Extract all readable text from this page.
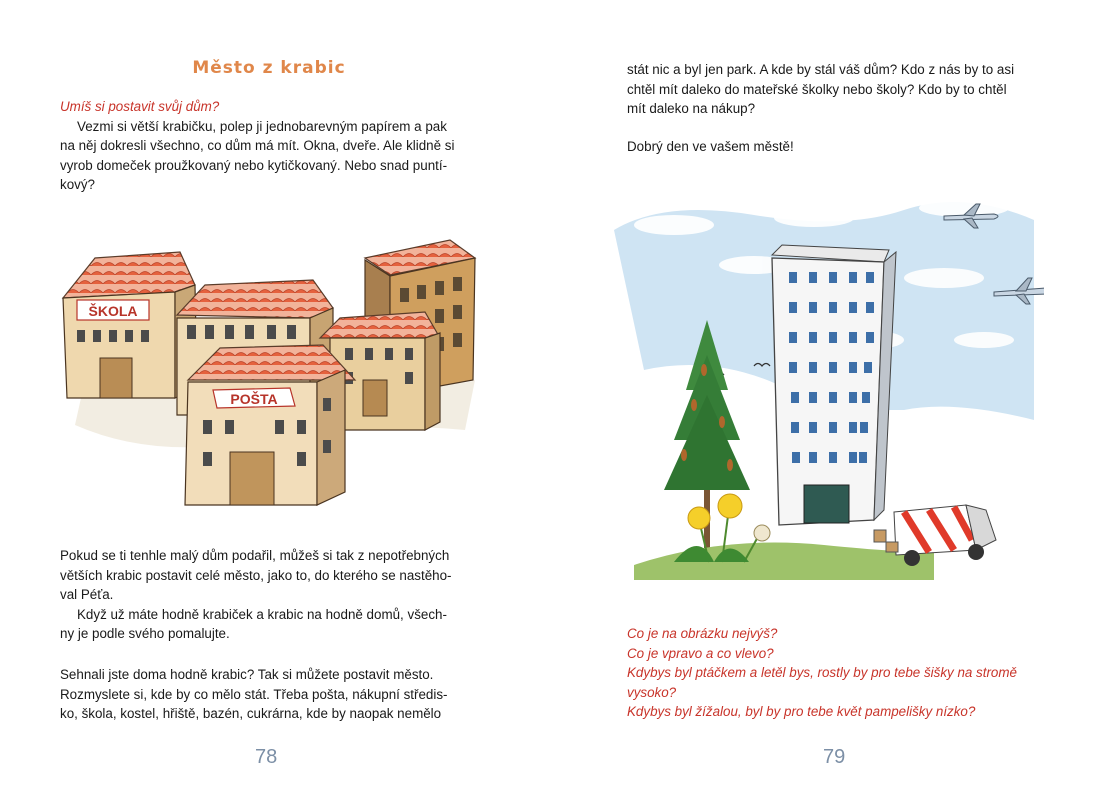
Město z krabic

Umíš si postavit svůj dům?

Vezmi si větší krabičku, polep ji jednobarevným papírem a pak

na něj dokresli všechno, co dům má mít. Okna, dveře. Ale klidně si

vyrob domeček proužkovaný nebo kytičkovaný. Nebo snad puntí-

kový?

ŠKOLA
POŠTA

Pokud se ti tenhle malý dům podařil, můžeš si tak z nepotřebných

větších krabic postavit celé město, jako to, do kterého se nastěho-

val Péťa.

Když už máte hodně krabiček a krabic na hodně domů, všech-

ny je podle svého pomalujte.

Sehnali jste doma hodně krabic? Tak si můžete postavit město.

Rozmyslete si, kde by co mělo stát. Třeba pošta, nákupní středis-

ko, škola, kostel, hřiště, bazén, cukrárna, kde by naopak nemělo

78

stát nic a byl jen park. A kde by stál váš dům? Kdo z nás by to asi

chtěl mít daleko do mateřské školky nebo školy? Kdo by to chtěl

mít daleko na nákup?

Dobrý den ve vašem městě!

Co je na obrázku nejvýš?

Co je vpravo a co vlevo?

Kdybys byl ptáčkem a letěl bys, rostly by pro tebe šišky na stromě

vysoko?

Kdybys byl žížalou, byl by pro tebe květ pampelišky nízko?

79
